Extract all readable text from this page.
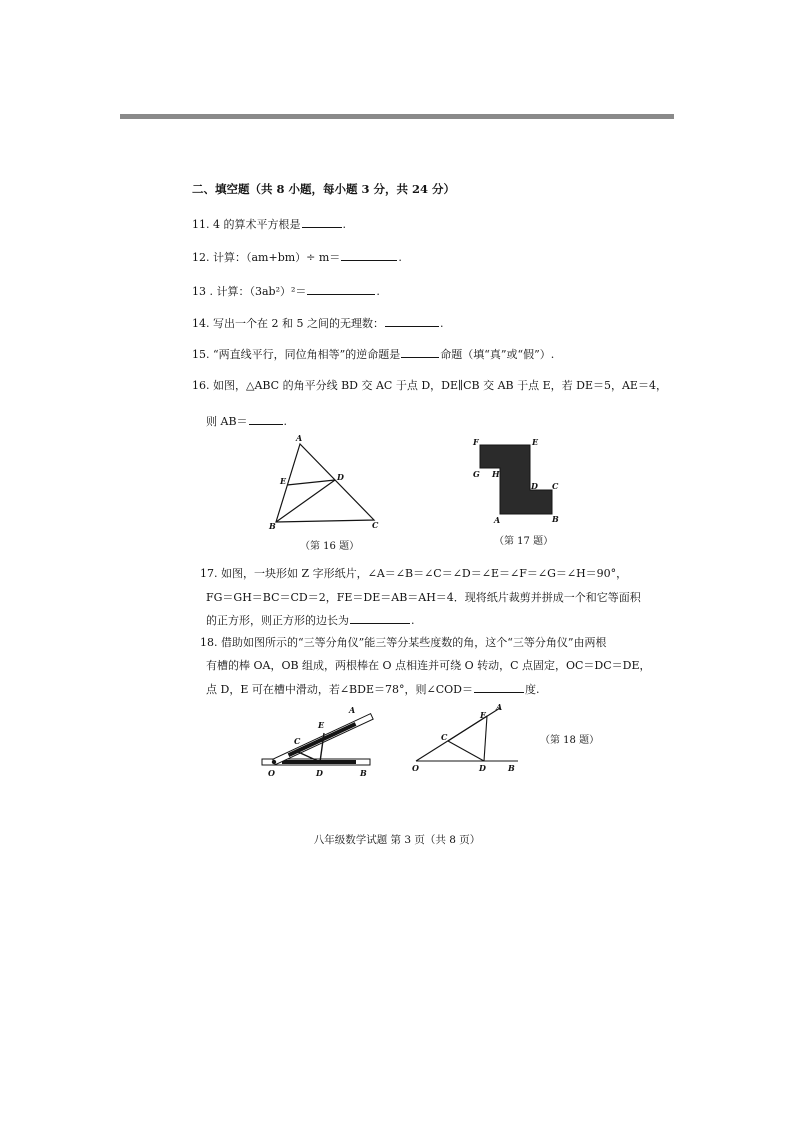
二、填空题（共 8 小题，每小题 3 分，共 24 分）
11. 4 的算术平方根是	.
12. 计算：（am+bm）÷ m＝	.
13 . 计算：（3ab²）²＝	.
14. 写出一个在 2 和 5 之间的无理数：	.
15. “两直线平行，同位角相等”的逆命题是	命题（填“真”或“假”）.
16. 如图，△ABC 的角平分线 BD 交 AC 于点 D，DE∥CB 交 AB 于点 E，若 DE＝5，AE＝4，
则 AB＝	.
A
B	C
D
E
（第 16 题）
F	E
G H
D C
A	B
（第 17 题）
17. 如图，一块形如 Z 字形纸片，∠A＝∠B＝∠C＝∠D＝∠E＝∠F＝∠G＝∠H＝90°，
FG＝GH＝BC＝CD＝2，FE＝DE＝AB＝AH＝4．现将纸片裁剪并拼成一个和它等面积
的正方形，则正方形的边长为	.
18. 借助如图所示的“三等分角仪”能三等分某些度数的角，这个“三等分角仪”由两根
有槽的棒 OA，OB 组成，两根棒在 O 点相连并可绕 O 转动，C 点固定，OC＝DC＝DE，
点 D，E 可在槽中滑动，若∠BDE＝78°，则∠COD＝	度.
O
A
B
C
D
E
O
A
B
C
D
E
（第 18 题）
八年级数学试题 第 3 页（共 8 页）
